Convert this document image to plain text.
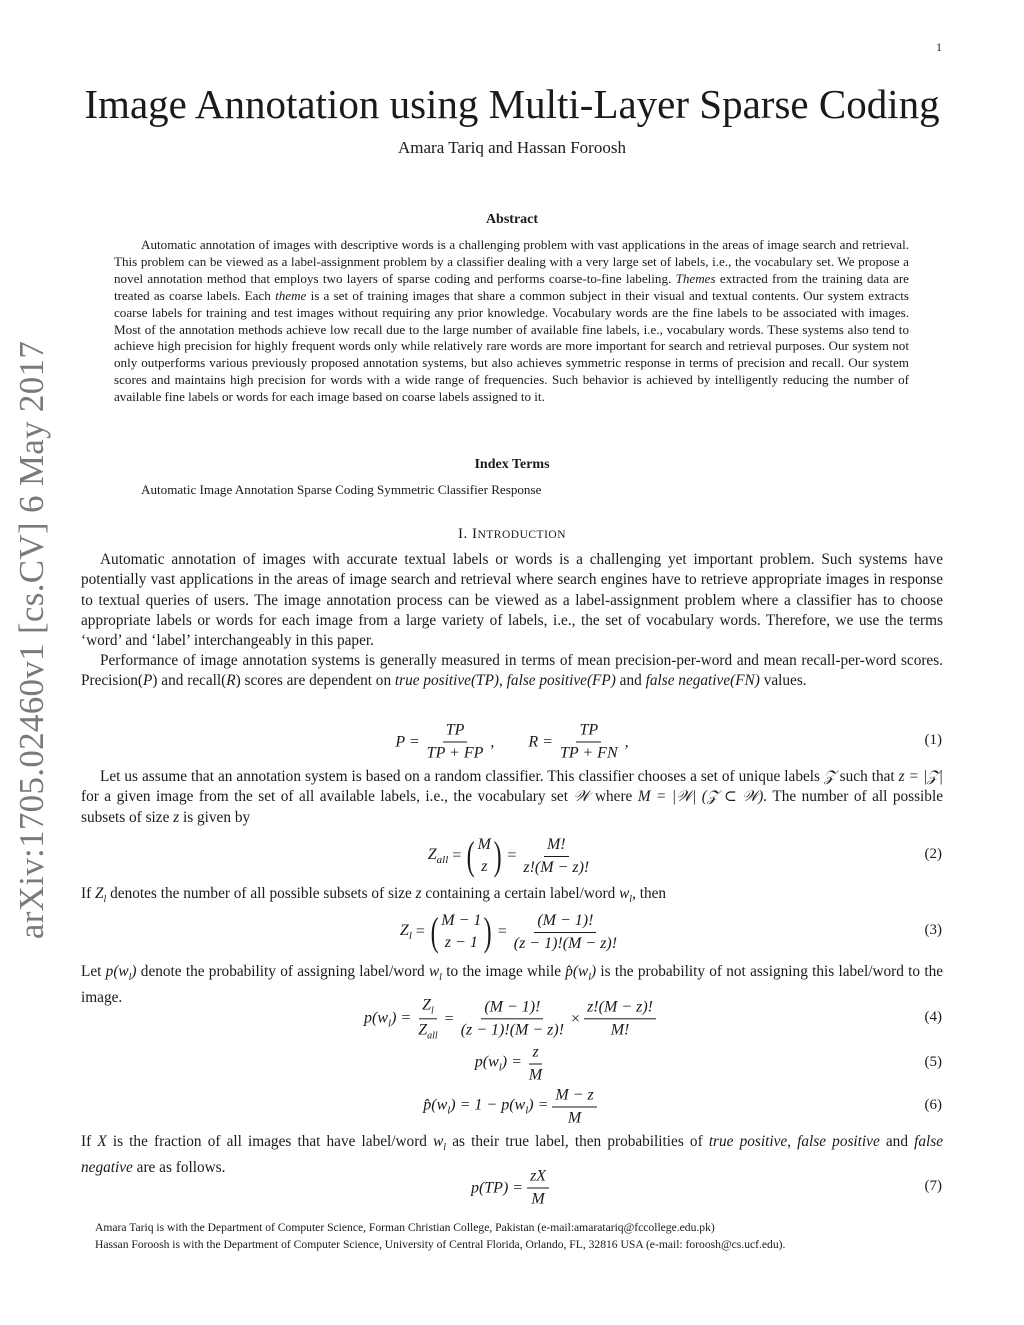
1
arXiv:1705.02460v1 [cs.CV] 6 May 2017
Image Annotation using Multi-Layer Sparse Coding
Amara Tariq and Hassan Foroosh
Abstract

Automatic annotation of images with descriptive words is a challenging problem with vast applications in the areas of image search and retrieval. This problem can be viewed as a label-assignment problem by a classifier dealing with a very large set of labels, i.e., the vocabulary set. We propose a novel annotation method that employs two layers of sparse coding and performs coarse-to-fine labeling. Themes extracted from the training data are treated as coarse labels. Each theme is a set of training images that share a common subject in their visual and textual contents. Our system extracts coarse labels for training and test images without requiring any prior knowledge. Vocabulary words are the fine labels to be associated with images. Most of the annotation methods achieve low recall due to the large number of available fine labels, i.e., vocabulary words. These systems also tend to achieve high precision for highly frequent words only while relatively rare words are more important for search and retrieval purposes. Our system not only outperforms various previously proposed annotation systems, but also achieves symmetric response in terms of precision and recall. Our system scores and maintains high precision for words with a wide range of frequencies. Such behavior is achieved by intelligently reducing the number of available fine labels or words for each image based on coarse labels assigned to it.

Index Terms
Automatic Image Annotation Sparse Coding Symmetric Classifier Response
I. INTRODUCTION

Automatic annotation of images with accurate textual labels or words is a challenging yet important problem. Such systems have potentially vast applications in the areas of image search and retrieval where search engines have to retrieve appropriate images in response to textual queries of users. The image annotation process can be viewed as a label-assignment problem where a classifier has to choose appropriate labels or words for each image from a large variety of labels, i.e., the set of vocabulary words. Therefore, we use the terms ‘word’ and ‘label’ interchangeably in this paper.

Performance of image annotation systems is generally measured in terms of mean precision-per-word and mean recall-per-word scores. Precision(P) and recall(R) scores are dependent on true positive(TP), false positive(FP) and false negative(FN) values.

$P = \frac{TP}{TP + FP}$ , $R = \frac{TP}{TP + FN}$ ,	(1)

Let us assume that an annotation system is based on a random classifier. This classifier chooses a set of unique labels 𝒵 such that z = |𝒵| for a given image from the set of all available labels, i.e., the vocabulary set 𝒲 where M = |𝒲| (𝒵 ⊂ 𝒲). The number of all possible subsets of size z is given by

$Z_{all}$
= ( M
z ) = $\frac{M!}{z!(M - z)!}$	(2)

If $Z_l$ denotes the number of all possible subsets of size z containing a certain label/word $w_l$, then

$Z_l$
= ( M − 1
z − 1 ) = $\frac{(M - 1)!}{(z - 1)!(M - z)!}$	(3)

Let $p(w_l)$ denote the probability of assigning label/word $w_l$ to the image while $p̂(w_l)$ is the probability of not assigning this label/word to the image.

$p(w_l) = \frac{Z_l}{Z_{all}} = \frac{(M - 1)!}{(z - 1)!(M - z)!} \times \frac{z!(M - z)!}{M!}$	(4)
$p(w_l) = \frac{z}{M}$	(5)
$p̂(w_l) = 1 - p(w_l) = \frac{M - z}{M}$	(6)

If X is the fraction of all images that have label/word $w_l$ as their true label, then probabilities of true positive, false positive and false negative are as follows.

$p(TP) = \frac{zX}{M}$	(7)
Amara Tariq is with the Department of Computer Science, Forman Christian College, Pakistan (e-mail:amaratariq@fccollege.edu.pk)
Hassan Foroosh is with the Department of Computer Science, University of Central Florida, Orlando, FL, 32816 USA (e-mail: foroosh@cs.ucf.edu).
